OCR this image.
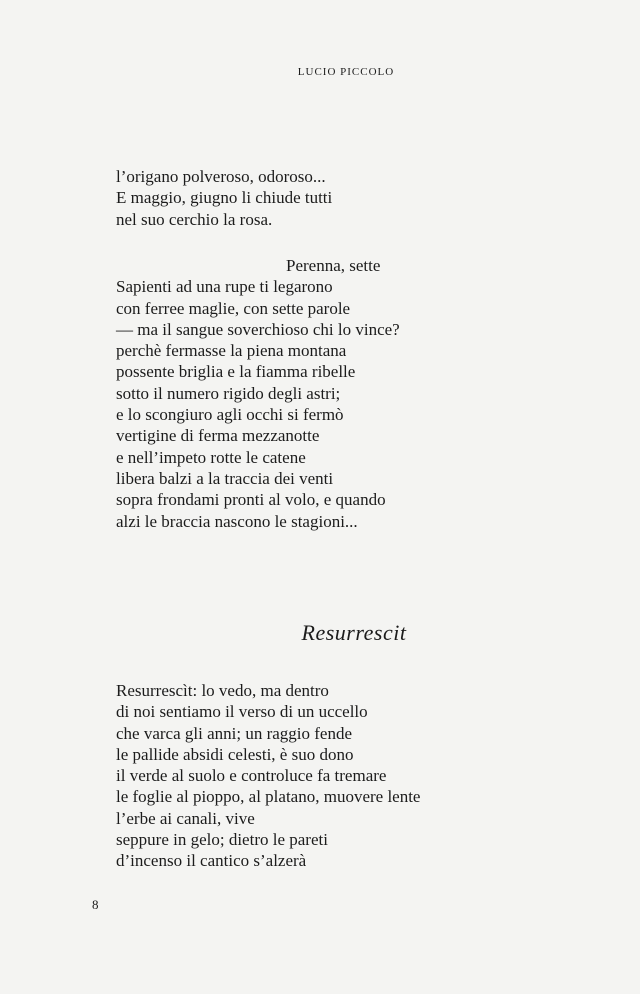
LUCIO PICCOLO
l’origano polveroso, odoroso...
E maggio, giugno li chiude tutti
nel suo cerchio la rosa.
Perenna, sette
Sapienti ad una rupe ti legarono
con ferree maglie, con sette parole
— ma il sangue soverchioso chi lo vince?
perchè fermasse la piena montana
possente briglia e la fiamma ribelle
sotto il numero rigido degli astri;
e lo scongiuro agli occhi si fermò
vertigine di ferma mezzanotte
e nell’impeto rotte le catene
libera balzi a la traccia dei venti
sopra frondami pronti al volo, e quando
alzi le braccia nascono le stagioni...
Resurrescit
Resurrescìt: lo vedo, ma dentro
di noi sentiamo il verso di un uccello
che varca gli anni; un raggio fende
le pallide absidi celesti, è suo dono
il verde al suolo e controluce fa tremare
le foglie al pioppo, al platano, muovere lente
l’erbe ai canali, vive
seppure in gelo; dietro le pareti
d’incenso il cantico s’alzerà
8
